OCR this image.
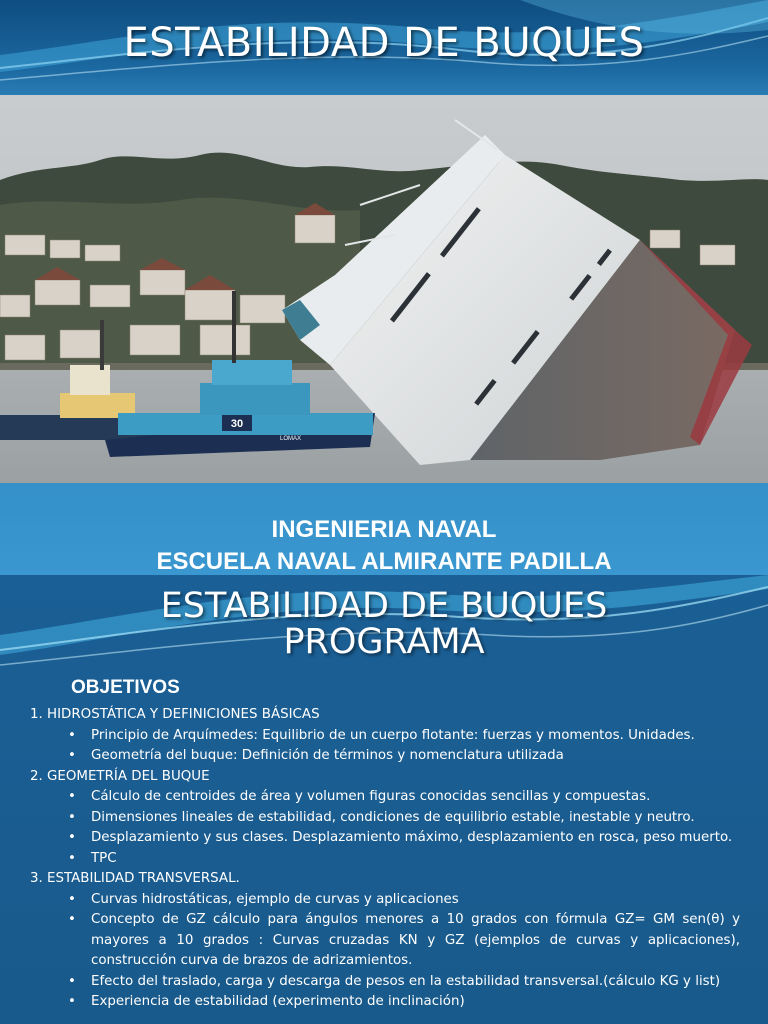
ESTABILIDAD DE BUQUES
30
LOMAX
INGENIERIA NAVAL
ESCUELA NAVAL ALMIRANTE PADILLA
ESTABILIDAD DE BUQUES
PROGRAMA
OBJETIVOS
1. HIDROSTÁTICA Y DEFINICIONES BÁSICAS
• Principio de Arquímedes: Equilibrio de un cuerpo flotante: fuerzas y momentos. Unidades.
• Geometría del buque: Definición de términos y nomenclatura utilizada
2. GEOMETRÍA DEL BUQUE
• Cálculo de centroides de área y volumen figuras conocidas sencillas y compuestas.
• Dimensiones lineales de estabilidad, condiciones de equilibrio estable, inestable y neutro.
• Desplazamiento y sus clases. Desplazamiento máximo, desplazamiento en rosca, peso muerto.
• TPC
3. ESTABILIDAD TRANSVERSAL.
• Curvas hidrostáticas, ejemplo de curvas y aplicaciones
• Concepto de GZ cálculo para ángulos menores a 10 grados con fórmula GZ= GM sen(θ) y mayores a 10 grados : Curvas cruzadas KN y GZ (ejemplos de curvas y aplicaciones), construcción curva de brazos de adrizamientos.
• Efecto del traslado, carga y descarga de pesos en la estabilidad transversal.(cálculo KG y list)
• Experiencia de estabilidad (experimento de inclinación)
